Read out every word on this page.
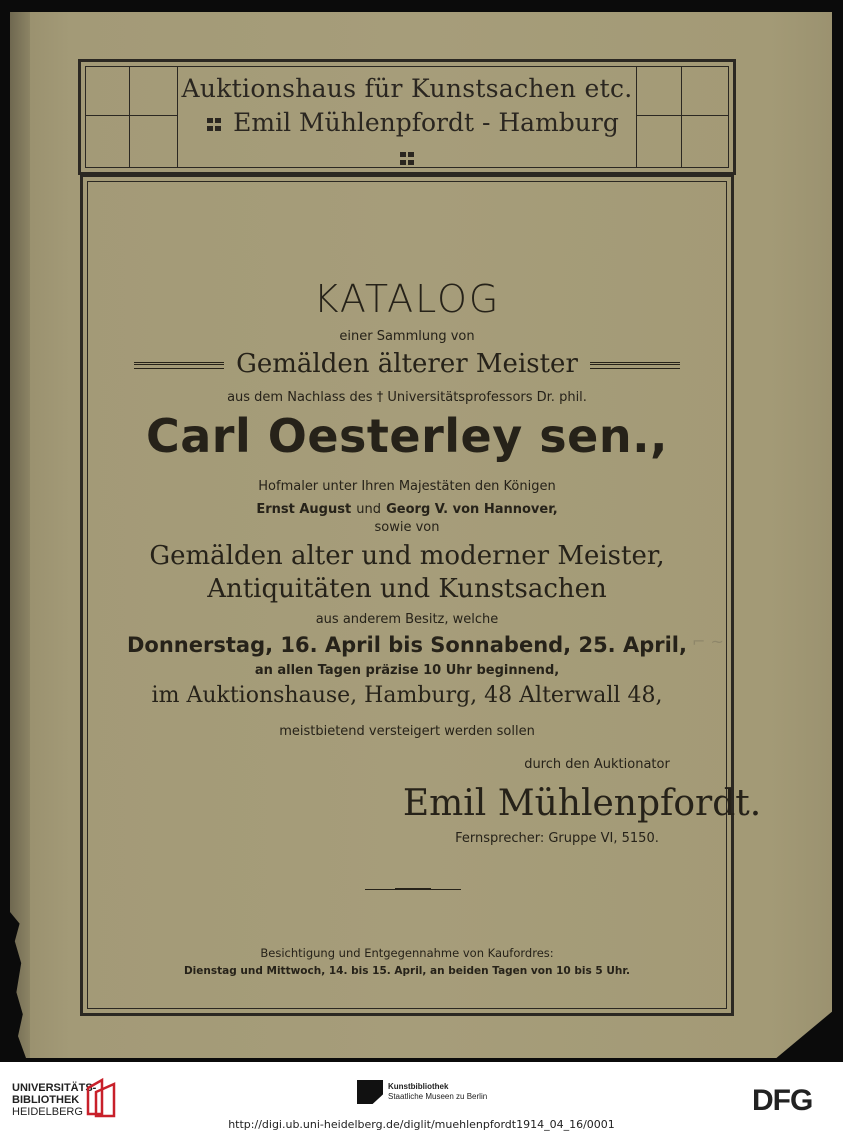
Auktionshaus für Kunstsachen etc.
Emil Mühlenpfordt - Hamburg
KATALOG
einer Sammlung von
Gemälden älterer Meister
aus dem Nachlass des † Universitätsprofessors Dr. phil.
Carl Oesterley sen.,
Hofmaler unter Ihren Majestäten den Königen
Ernst August und Georg V. von Hannover,
sowie von
Gemälden alter und moderner Meister,
Antiquitäten und Kunstsachen
aus anderem Besitz, welche
Donnerstag, 16. April bis Sonnabend, 25. April,
an allen Tagen präzise 10 Uhr beginnend,
im Auktionshause, Hamburg, 48 Alterwall 48,
meistbietend versteigert werden sollen
durch den Auktionator
Emil Mühlenpfordt.
Fernsprecher: Gruppe VI, 5150.
Besichtigung und Entgegennahme von Kaufordres:
Dienstag und Mittwoch, 14. bis 15. April, an beiden Tagen von 10 bis 5 Uhr.
⌐ ~
UNIVERSITÄTS-
BIBLIOTHEK
HEIDELBERG
Kunstbibliothek
Staatliche Museen zu Berlin	DFG
http://digi.ub.uni-heidelberg.de/diglit/muehlenpfordt1914_04_16/0001
